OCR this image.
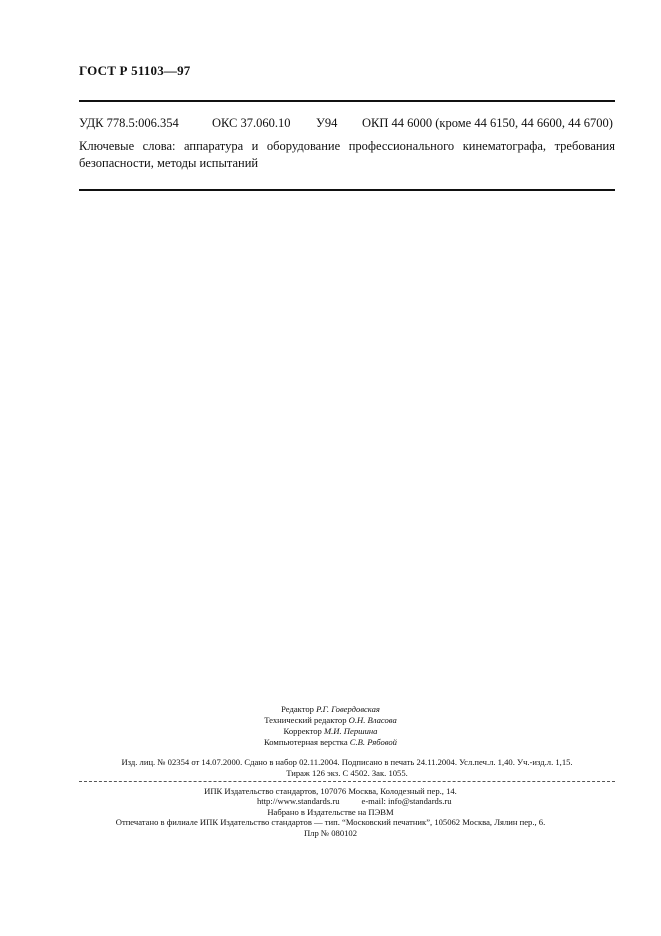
ГОСТ Р 51103—97
УДК 778.5:006.354	ОКС 37.060.10 У94 ОКП 44 6000 (кроме 44 6150, 44 6600, 44 6700)
Ключевые слова: аппаратура и оборудование профессионального кинематографа, требования безопасности, методы испытаний
Редактор Р.Г. Говердовская
Технический редактор О.Н. Власова
Корректор М.И. Першина
Компьютерная верстка С.В. Рябовой
Изд. лиц. № 02354 от 14.07.2000. Сдано в набор 02.11.2004. Подписано в печать 24.11.2004. Усл.печ.л. 1,40. Уч.-изд.л. 1,15.
Тираж 126 экз. С 4502. Зак. 1055.
ИПК Издательство стандартов, 107076 Москва, Колодезный пер., 14.
http://www.standards.ru	e-mail: info@standards.ru
Набрано в Издательстве на ПЭВМ
Отпечатано в филиале ИПК Издательство стандартов — тип. “Московский печатник”, 105062 Москва, Лялин пер., 6.
Плр № 080102
